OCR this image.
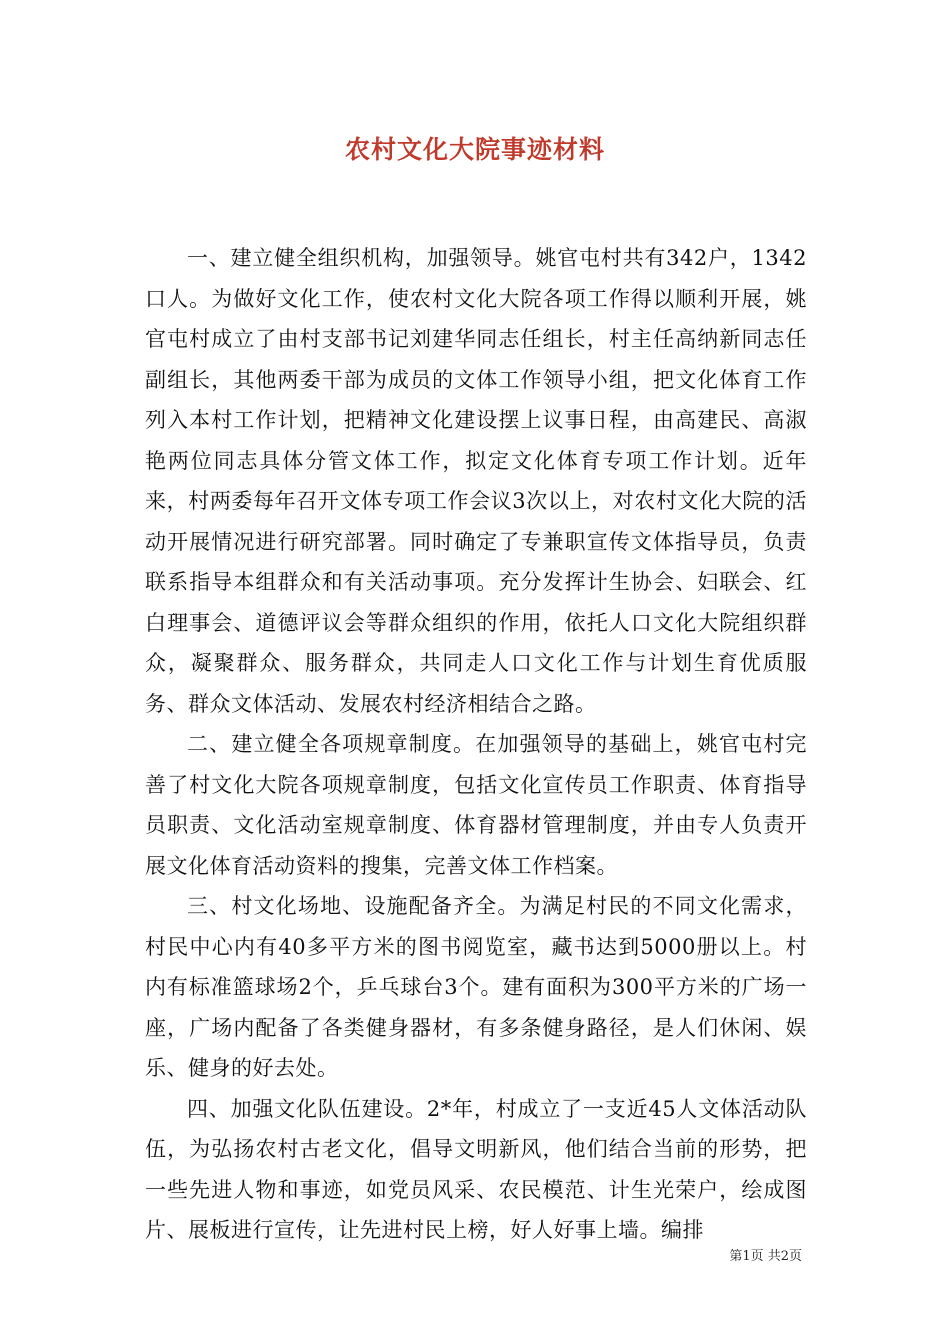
农村文化大院事迹材料

一、建立健全组织机构，加强领导。姚官屯村共有342户，1342口人。为做好文化工作，使农村文化大院各项工作得以顺利开展，姚官屯村成立了由村支部书记刘建华同志任组长，村主任高纳新同志任副组长，其他两委干部为成员的文体工作领导小组，把文化体育工作列入本村工作计划，把精神文化建设摆上议事日程，由高建民、高淑艳两位同志具体分管文体工作，拟定文化体育专项工作计划。近年来，村两委每年召开文体专项工作会议3次以上，对农村文化大院的活动开展情况进行研究部署。同时确定了专兼职宣传文体指导员，负责联系指导本组群众和有关活动事项。充分发挥计生协会、妇联会、红白理事会、道德评议会等群众组织的作用，依托人口文化大院组织群众，凝聚群众、服务群众，共同走人口文化工作与计划生育优质服务、群众文体活动、发展农村经济相结合之路。

二、建立健全各项规章制度。在加强领导的基础上，姚官屯村完善了村文化大院各项规章制度，包括文化宣传员工作职责、体育指导员职责、文化活动室规章制度、体育器材管理制度，并由专人负责开展文化体育活动资料的搜集，完善文体工作档案。

三、村文化场地、设施配备齐全。为满足村民的不同文化需求，村民中心内有40多平方米的图书阅览室，藏书达到5000册以上。村内有标准篮球场2个，乒乓球台3个。建有面积为300平方米的广场一座，广场内配备了各类健身器材，有多条健身路径，是人们休闲、娱乐、健身的好去处。

四、加强文化队伍建设。2*年，村成立了一支近45人文体活动队伍，为弘扬农村古老文化，倡导文明新风，他们结合当前的形势，把一些先进人物和事迹，如党员风采、农民模范、计生光荣户，绘成图片、展板进行宣传，让先进村民上榜，好人好事上墙。编排

第1页 共2页
